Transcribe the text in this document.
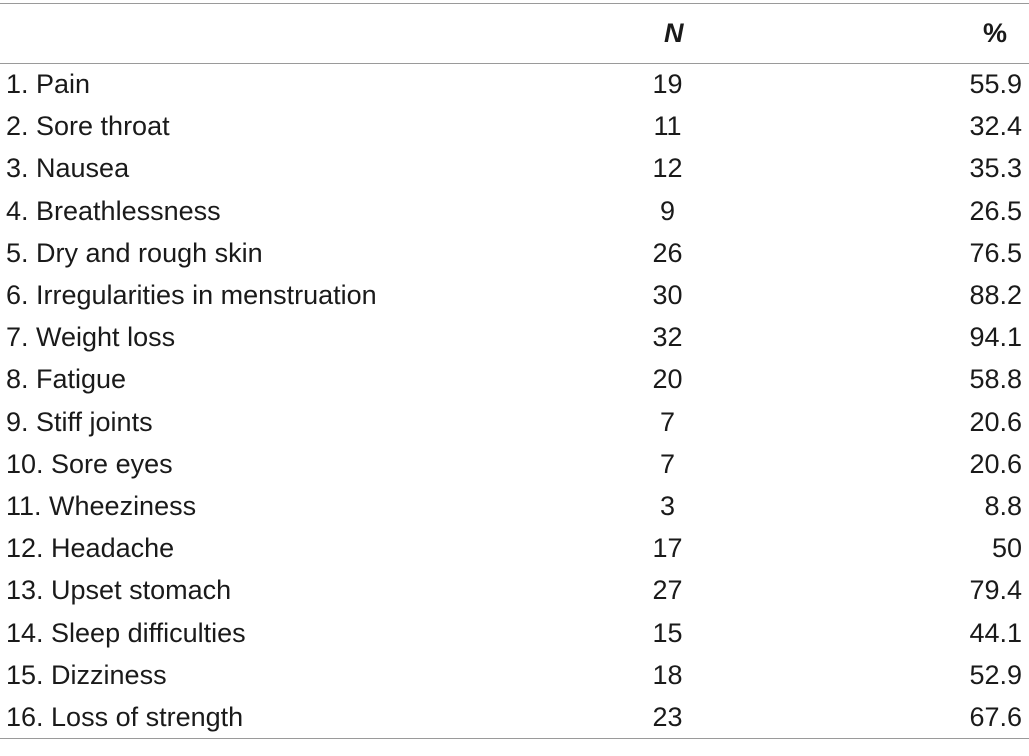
	N	%
1. Pain	19	55.9
2. Sore throat	11	32.4
3. Nausea	12	35.3
4. Breathlessness	9	26.5
5. Dry and rough skin	26	76.5
6. Irregularities in menstruation	30	88.2
7. Weight loss	32	94.1
8. Fatigue	20	58.8
9. Stiff joints	7	20.6
10. Sore eyes	7	20.6
11. Wheeziness	3	8.8
12. Headache	17	50
13. Upset stomach	27	79.4
14. Sleep difficulties	15	44.1
15. Dizziness	18	52.9
16. Loss of strength	23	67.6
